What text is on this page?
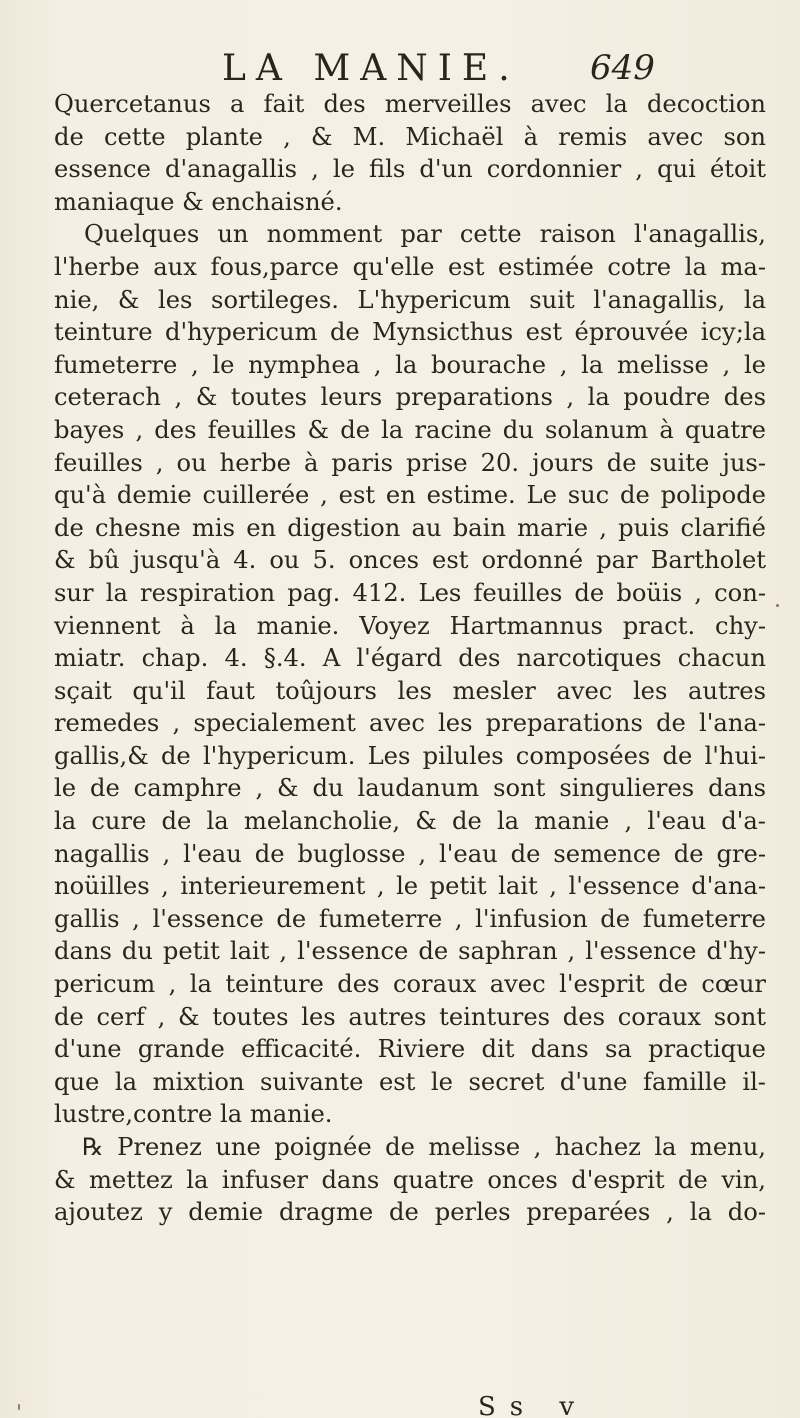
LA MANIE. 649
Quercetanus a fait des merveilles avec la decoction
de cette plante , & M. Michaël à remis avec son
essence d'anagallis , le fils d'un cordonnier , qui étoit
maniaque & enchaisné.
Quelques un nomment par cette raison l'anagallis,
l'herbe aux fous,parce qu'elle est estimée cotre la ma-
nie, & les sortileges. L'hypericum suit l'anagallis, la
teinture d'hypericum de Mynsicthus est éprouvée icy;la
fumeterre , le nymphea , la bourache , la melisse , le
ceterach , & toutes leurs preparations , la poudre des
bayes , des feuilles & de la racine du solanum à quatre
feuilles , ou herbe à paris prise 20. jours de suite jus-
qu'à demie cuillerée , est en estime. Le suc de polipode
de chesne mis en digestion au bain marie , puis clarifié
& bû jusqu'à 4. ou 5. onces est ordonné par Bartholet
sur la respiration pag. 412. Les feuilles de boüis , con-
viennent à la manie. Voyez Hartmannus pract. chy-
miatr. chap. 4. §.4. A l'égard des narcotiques chacun
sçait qu'il faut toûjours les mesler avec les autres
remedes , specialement avec les preparations de l'ana-
gallis,& de l'hypericum. Les pilules composées de l'hui-
le de camphre , & du laudanum sont singulieres dans
la cure de la melancholie, & de la manie , l'eau d'a-
nagallis , l'eau de buglosse , l'eau de semence de gre-
noüilles , interieurement , le petit lait , l'essence d'ana-
gallis , l'essence de fumeterre , l'infusion de fumeterre
dans du petit lait , l'essence de saphran , l'essence d'hy-
pericum , la teinture des coraux avec l'esprit de cœur
de cerf , & toutes les autres teintures des coraux sont
d'une grande efficacité. Riviere dit dans sa practique
que la mixtion suivante est le secret d'une famille il-
lustre,contre la manie.
℞ Prenez une poignée de melisse , hachez la menu,
& mettez la infuser dans quatre onces d'esprit de vin,
ajoutez y demie dragme de perles preparées , la do-
Ss v
